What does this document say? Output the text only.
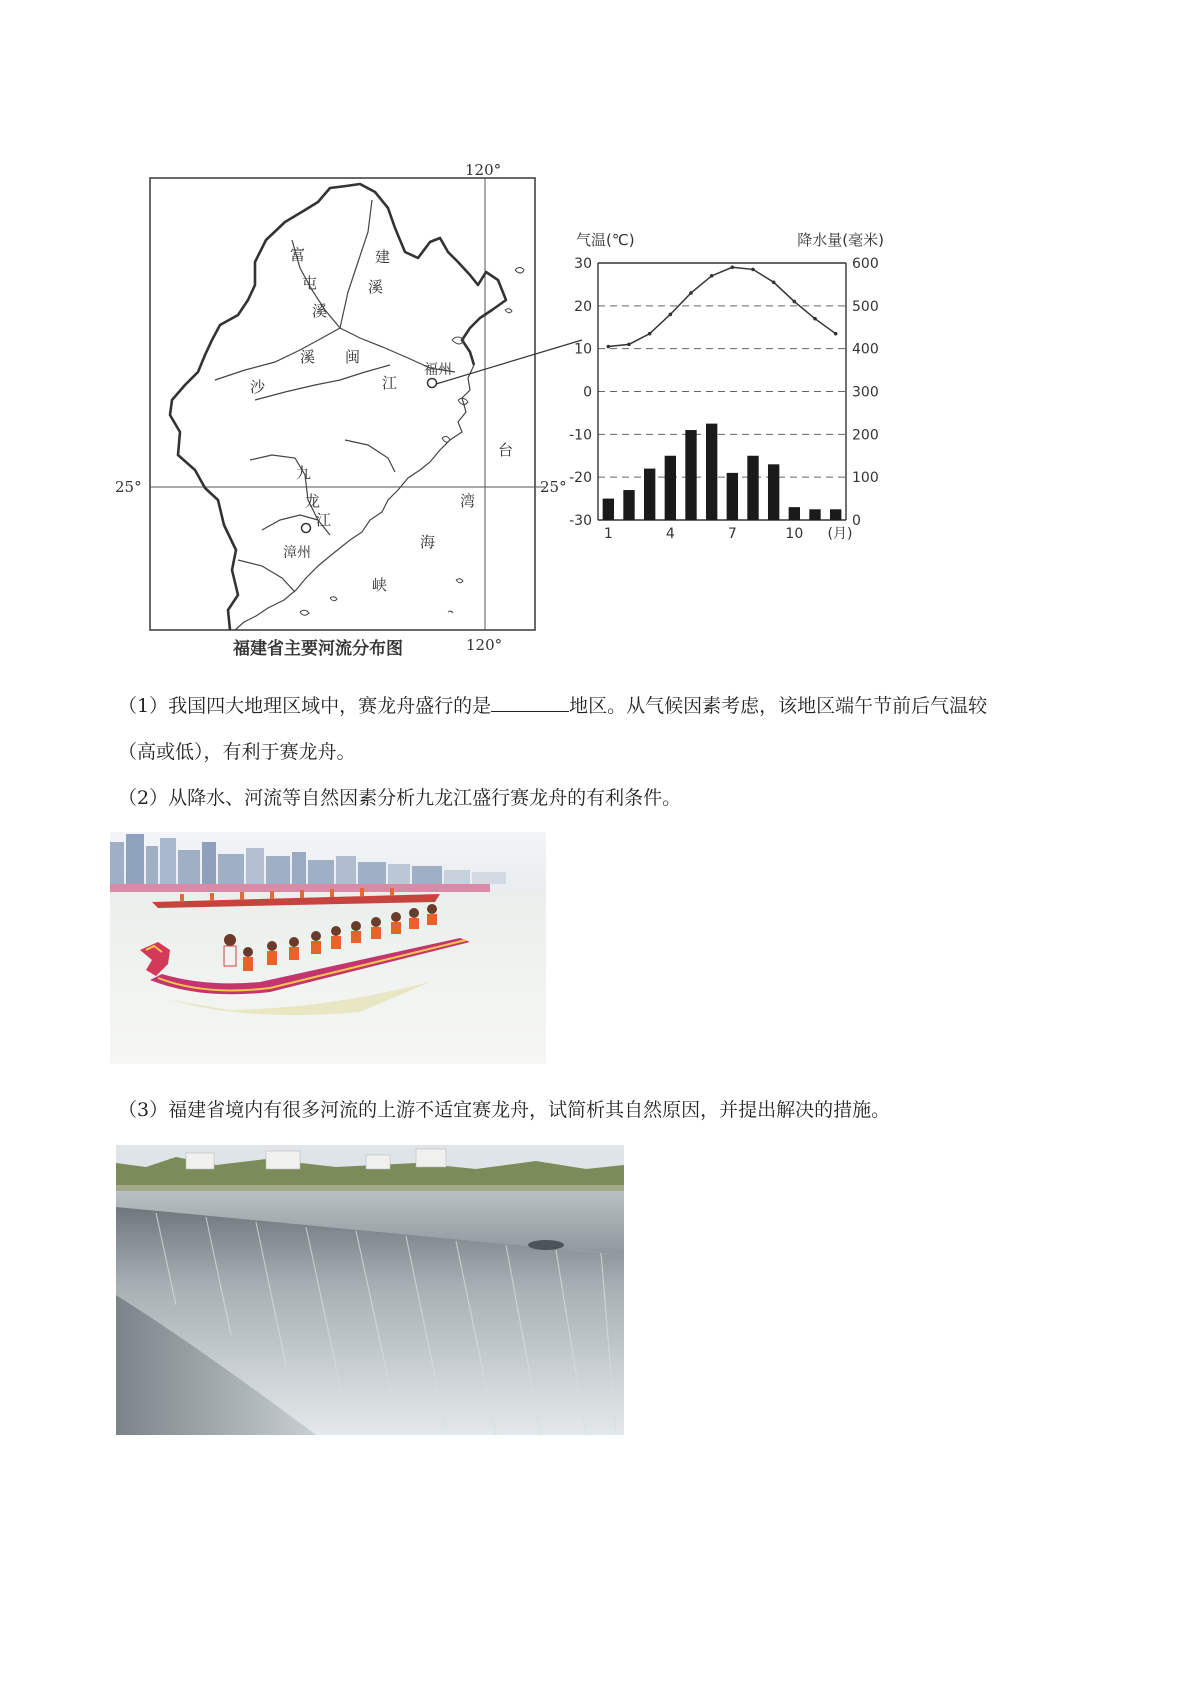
120°
120°
25°	25°
富
屯
溪
建
溪
沙
溪 闽
江
九
龙
江
福州
漳州
台
湾
海
峡
福建省主要河流分布图
30
20
10
0
-10
-20
-30
600
500
400
300
200
100
0
气温(℃)	降水量(毫米)
1	4	7	10 (月)
（1）我国四大地理区域中，赛龙舟盛行的是	地区。从气候因素考虑，该地区端午节前后气温较
（高或低），有利于赛龙舟。
（2）从降水、河流等自然因素分析九龙江盛行赛龙舟的有利条件。
（3）福建省境内有很多河流的上游不适宜赛龙舟，试简析其自然原因，并提出解决的措施。
